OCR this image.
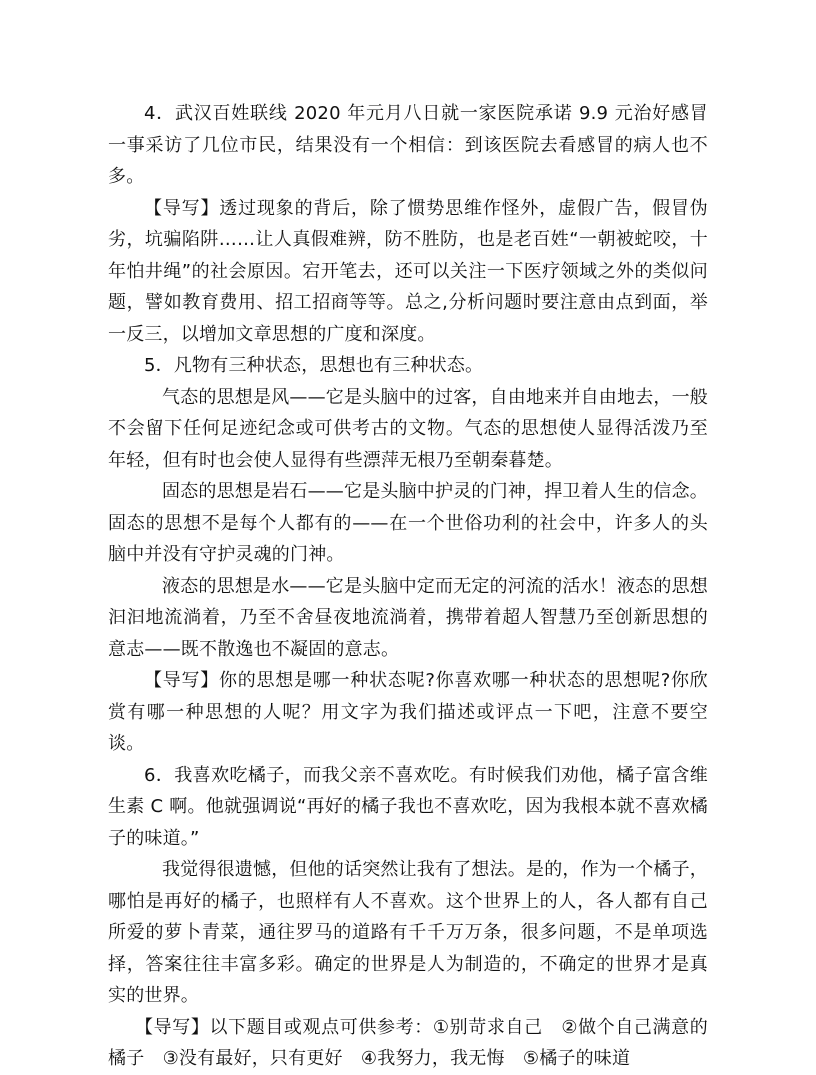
4．武汉百姓联线 2020 年元月八日就一家医院承诺 9.9 元治好感冒一事采访了几位市民，结果没有一个相信：到该医院去看感冒的病人也不多。

【导写】透过现象的背后，除了惯势思维作怪外，虚假广告，假冒伪劣，坑骗陷阱……让人真假难辨，防不胜防，也是老百姓“一朝被蛇咬，十年怕井绳”的社会原因。宕开笔去，还可以关注一下医疗领域之外的类似问题，譬如教育费用、招工招商等等。总之,分析问题时要注意由点到面，举一反三，以增加文章思想的广度和深度。

5．凡物有三种状态，思想也有三种状态。

气态的思想是风——它是头脑中的过客，自由地来并自由地去，一般不会留下任何足迹纪念或可供考古的文物。气态的思想使人显得活泼乃至年轻，但有时也会使人显得有些漂萍无根乃至朝秦暮楚。

固态的思想是岩石——它是头脑中护灵的门神，捍卫着人生的信念。固态的思想不是每个人都有的——在一个世俗功利的社会中，许多人的头脑中并没有守护灵魂的门神。

液态的思想是水——它是头脑中定而无定的河流的活水！液态的思想汩汩地流淌着，乃至不舍昼夜地流淌着，携带着超人智慧乃至创新思想的意志——既不散逸也不凝固的意志。

【导写】你的思想是哪一种状态呢?你喜欢哪一种状态的思想呢?你欣赏有哪一种思想的人呢？用文字为我们描述或评点一下吧，注意不要空谈。

6．我喜欢吃橘子，而我父亲不喜欢吃。有时候我们劝他，橘子富含维生素 C 啊。他就强调说“再好的橘子我也不喜欢吃，因为我根本就不喜欢橘子的味道。”

我觉得很遗憾，但他的话突然让我有了想法。是的，作为一个橘子，哪怕是再好的橘子，也照样有人不喜欢。这个世界上的人，各人都有自己所爱的萝卜青菜，通往罗马的道路有千千万万条，很多问题，不是单项选择，答案往往丰富多彩。确定的世界是人为制造的，不确定的世界才是真实的世界。

【导写】以下题目或观点可供参考：①别苛求自己　②做个自己满意的橘子　③没有最好，只有更好　④我努力，我无悔　⑤橘子的味道
